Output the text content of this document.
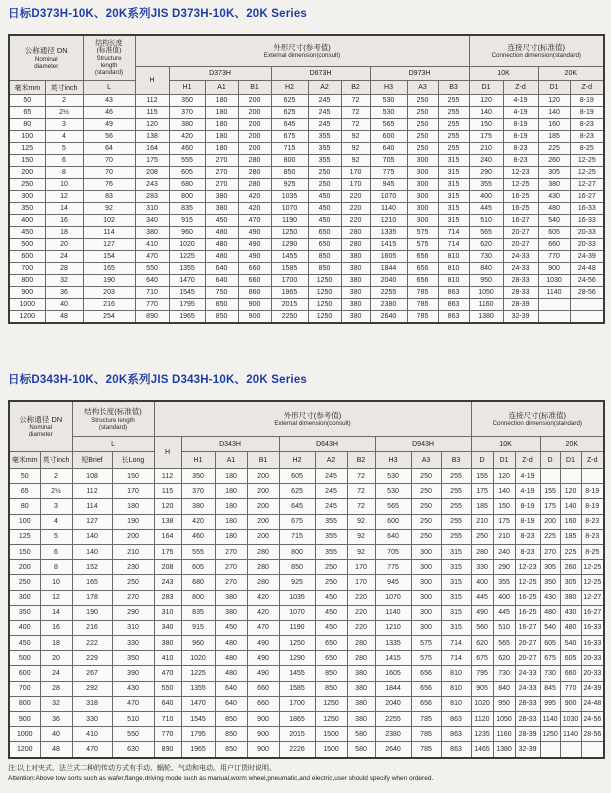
日标D373H-10K、20K系列JIS D373H-10K、20K Series
公称通径 DN
Nominal
diameter		结构长度
(标准值)
Structure
length
(standard)	外形尺寸(参考值)
External dimension(consult)										连接尺寸(标准值)
Connection dimension(standard)			

			H	D373H			D673H			D973H			10K		20K	
毫米mm	英寸inch	L		H1	A1	B1	H2	A2	B2	H3	A3	B3	D1	Z-d	D1	Z-d
50	2	43	112	350	180	200	625	245	72	530	250	255	120	4-19	120	8-19
65	2½	46	115	370	180	200	625	245	72	530	250	255	140	4-19	140	8-19
80	3	49	120	380	180	200	645	245	72	565	250	255	150	8-19	160	8-23
100	4	56	138	420	180	200	675	355	92	600	250	255	175	8-19	185	8-23
125	5	64	164	460	180	200	715	355	92	640	250	255	210	8-23	225	8-25
150	6	70	175	555	270	280	800	355	92	705	300	315	240	8-23	260	12-25
200	8	70	208	605	270	280	850	250	170	775	300	315	290	12-23	305	12-25
250	10	76	243	680	270	280	925	250	170	945	300	315	355	12-25	380	12-27
300	12	83	283	800	380	420	1035	450	220	1070	300	315	400	16-25	430	16-27
350	14	92	310	835	380	420	1070	450	220	1140	300	315	445	16-25	480	16-33
400	16	102	340	915	450	470	1190	450	220	1210	300	315	510	16-27	540	16-33
450	18	114	380	960	480	490	1250	650	280	1335	575	714	565	20-27	605	20-33
500	20	127	410	1020	480	490	1290	650	280	1415	575	714	620	20-27	660	20-33
600	24	154	470	1225	480	490	1455	850	380	1605	656	810	730	24-33	770	24-39
700	28	165	550	1355	640	660	1585	850	380	1844	656	810	840	24-33	900	24-48
800	32	190	640	1470	640	660	1700	1250	380	2040	656	810	950	28-33	1030	24-56
900	36	203	710	1545	750	860	1965	1250	380	2255	785	863	1050	28-33	1140	28-56
1000	40	216	770	1795	850	900	2015	1250	380	2380	785	863	1160	28-39		
1200	48	254	890	1965	850	900	2250	1250	380	2640	785	863	1380	32-39		
日标D343H-10K、20K系列JIS D343H-10K、20K Series
公称通径 DN
Nominal
diameter		结构长度(标准值)
Structure length
(standard)		外形尺寸(参考值)
External dimension(consult)										连接尺寸(标准值)
Connection dimension(standard)					

		L		H	D343H			D643H			D943H			10K			20K		
毫米mm	英寸inch	短Brief	长Long		H1	A1	B1	H2	A2	B2	H3	A3	B3	D	D1	Z-d	D	D1	Z-d
50	2	108	150	112	350	180	200	605	245	72	530	250	255	155	120	4-19			
65	2½	112	170	115	370	180	200	625	245	72	530	250	255	175	140	4-19	155	120	8-19
80	3	114	180	120	380	180	200	645	245	72	565	250	255	185	150	8-19	175	140	8-19
100	4	127	190	138	420	180	200	675	355	92	600	250	255	210	175	8-19	200	160	8-23
125	5	140	200	164	460	180	200	715	355	92	640	250	255	250	210	8-23	225	185	8-23
150	6	140	210	175	555	270	280	800	355	92	705	300	315	280	240	8-23	270	225	8-25
200	8	152	230	208	605	270	280	850	250	170	775	300	315	330	290	12-23	305	260	12-25
250	10	165	250	243	680	270	280	925	250	170	945	300	315	400	355	12-25	350	305	12-25
300	12	178	270	283	800	380	420	1035	450	220	1070	300	315	445	400	16-25	430	380	12-27
350	14	190	290	310	835	380	420	1070	450	220	1140	300	315	490	445	16-25	480	430	16-27
400	16	216	310	340	915	450	470	1190	450	220	1210	300	315	560	510	16-27	540	480	16-33
450	18	222	330	380	960	480	490	1250	650	280	1335	575	714	620	565	20-27	605	540	16-33
500	20	229	350	410	1020	480	490	1290	650	280	1415	575	714	675	620	20-27	675	605	20-33
600	24	267	390	470	1225	480	490	1455	850	380	1605	656	810	795	730	24-33	730	660	20-33
700	28	292	430	550	1355	640	660	1585	850	380	1844	656	810	905	840	24-33	845	770	24-39
800	32	318	470	640	1470	640	660	1700	1250	380	2040	656	810	1020	950	28-33	995	900	24-48
900	36	330	510	710	1545	850	900	1865	1250	380	2255	785	863	1120	1050	28-33	1140	1030	24-56
1000	40	410	550	770	1795	850	900	2015	1500	580	2380	785	863	1235	1160	28-39	1250	1140	28-56
1200	48	470	630	890	1965	850	900	2226	1500	580	2640	785	863	1465	1380	32-39			
注:以上对夹式、法兰式二种的传动方式有手动、蜗轮、气动和电动。用户订货时说明。
Attention:Above tow sorts such as wafer,flange,driving mode such as manual,worm wheel,pneumatic,and electric,user should specify when ordered.
